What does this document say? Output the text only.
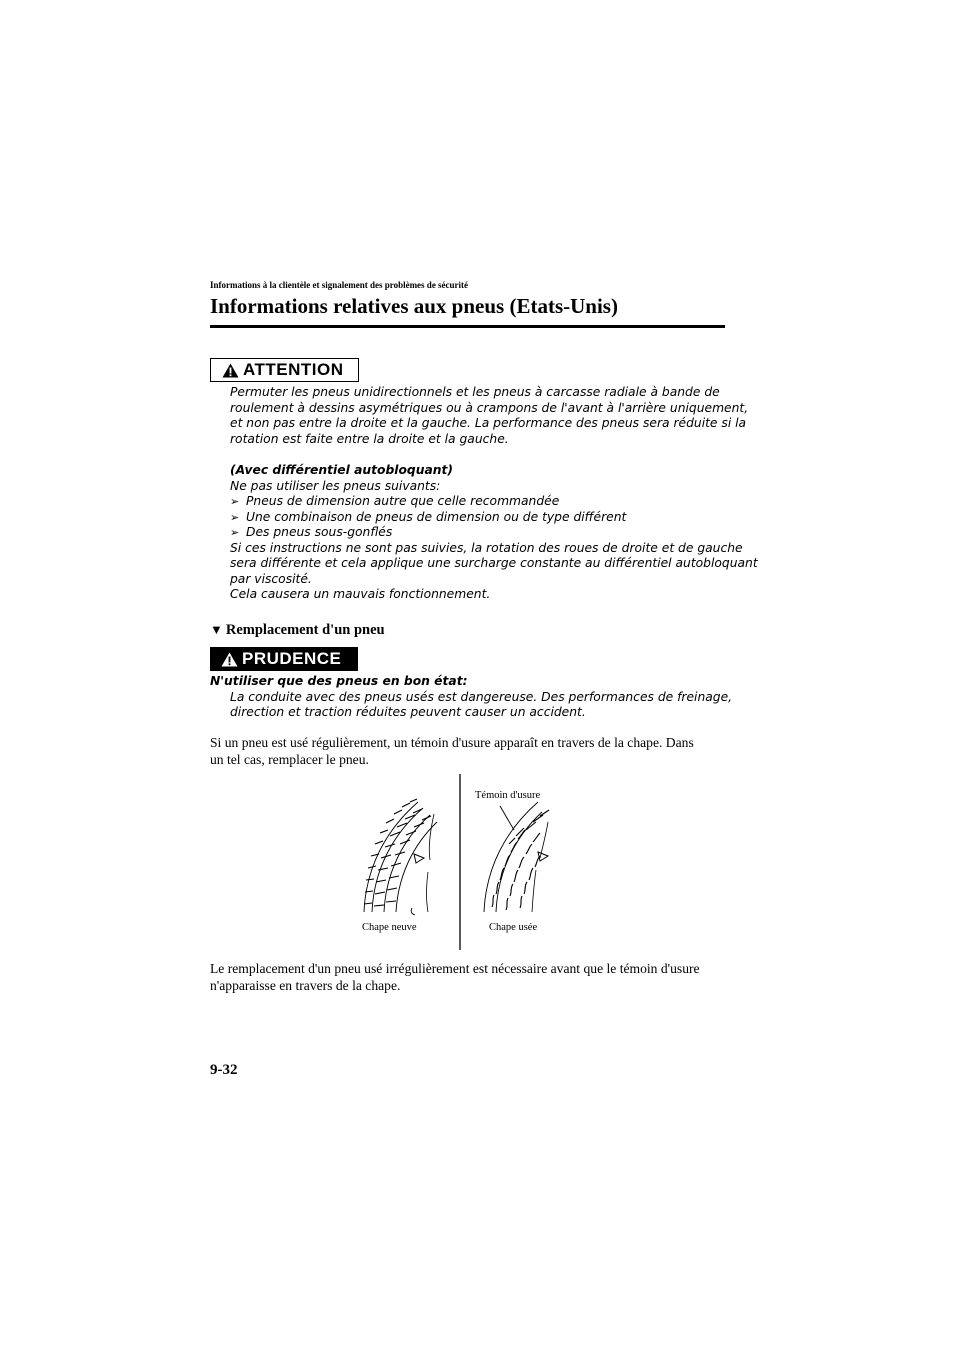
Informations à la clientèle et signalement des problèmes de sécurité
Informations relatives aux pneus (Etats-Unis)
ATTENTION
Permuter les pneus unidirectionnels et les pneus à carcasse radiale à bande de
roulement à dessins asymétriques ou à crampons de l'avant à l'arrière uniquement,
et non pas entre la droite et la gauche. La performance des pneus sera réduite si la
rotation est faite entre la droite et la gauche.
(Avec différentiel autobloquant)
Ne pas utiliser les pneus suivants:
➢ Pneus de dimension autre que celle recommandée
➢ Une combinaison de pneus de dimension ou de type différent
➢ Des pneus sous-gonflés
Si ces instructions ne sont pas suivies, la rotation des roues de droite et de gauche
sera différente et cela applique une surcharge constante au différentiel autobloquant
par viscosité.
Cela causera un mauvais fonctionnement.
▼ Remplacement d'un pneu
PRUDENCE
N'utiliser que des pneus en bon état:
La conduite avec des pneus usés est dangereuse. Des performances de freinage,
direction et traction réduites peuvent causer un accident.
Si un pneu est usé régulièrement, un témoin d'usure apparaît en travers de la chape. Dans
un tel cas, remplacer le pneu.
Témoin d'usure
Chape neuve	Chape usée
Le remplacement d'un pneu usé irrégulièrement est nécessaire avant que le témoin d'usure
n'apparaisse en travers de la chape.
9-32
